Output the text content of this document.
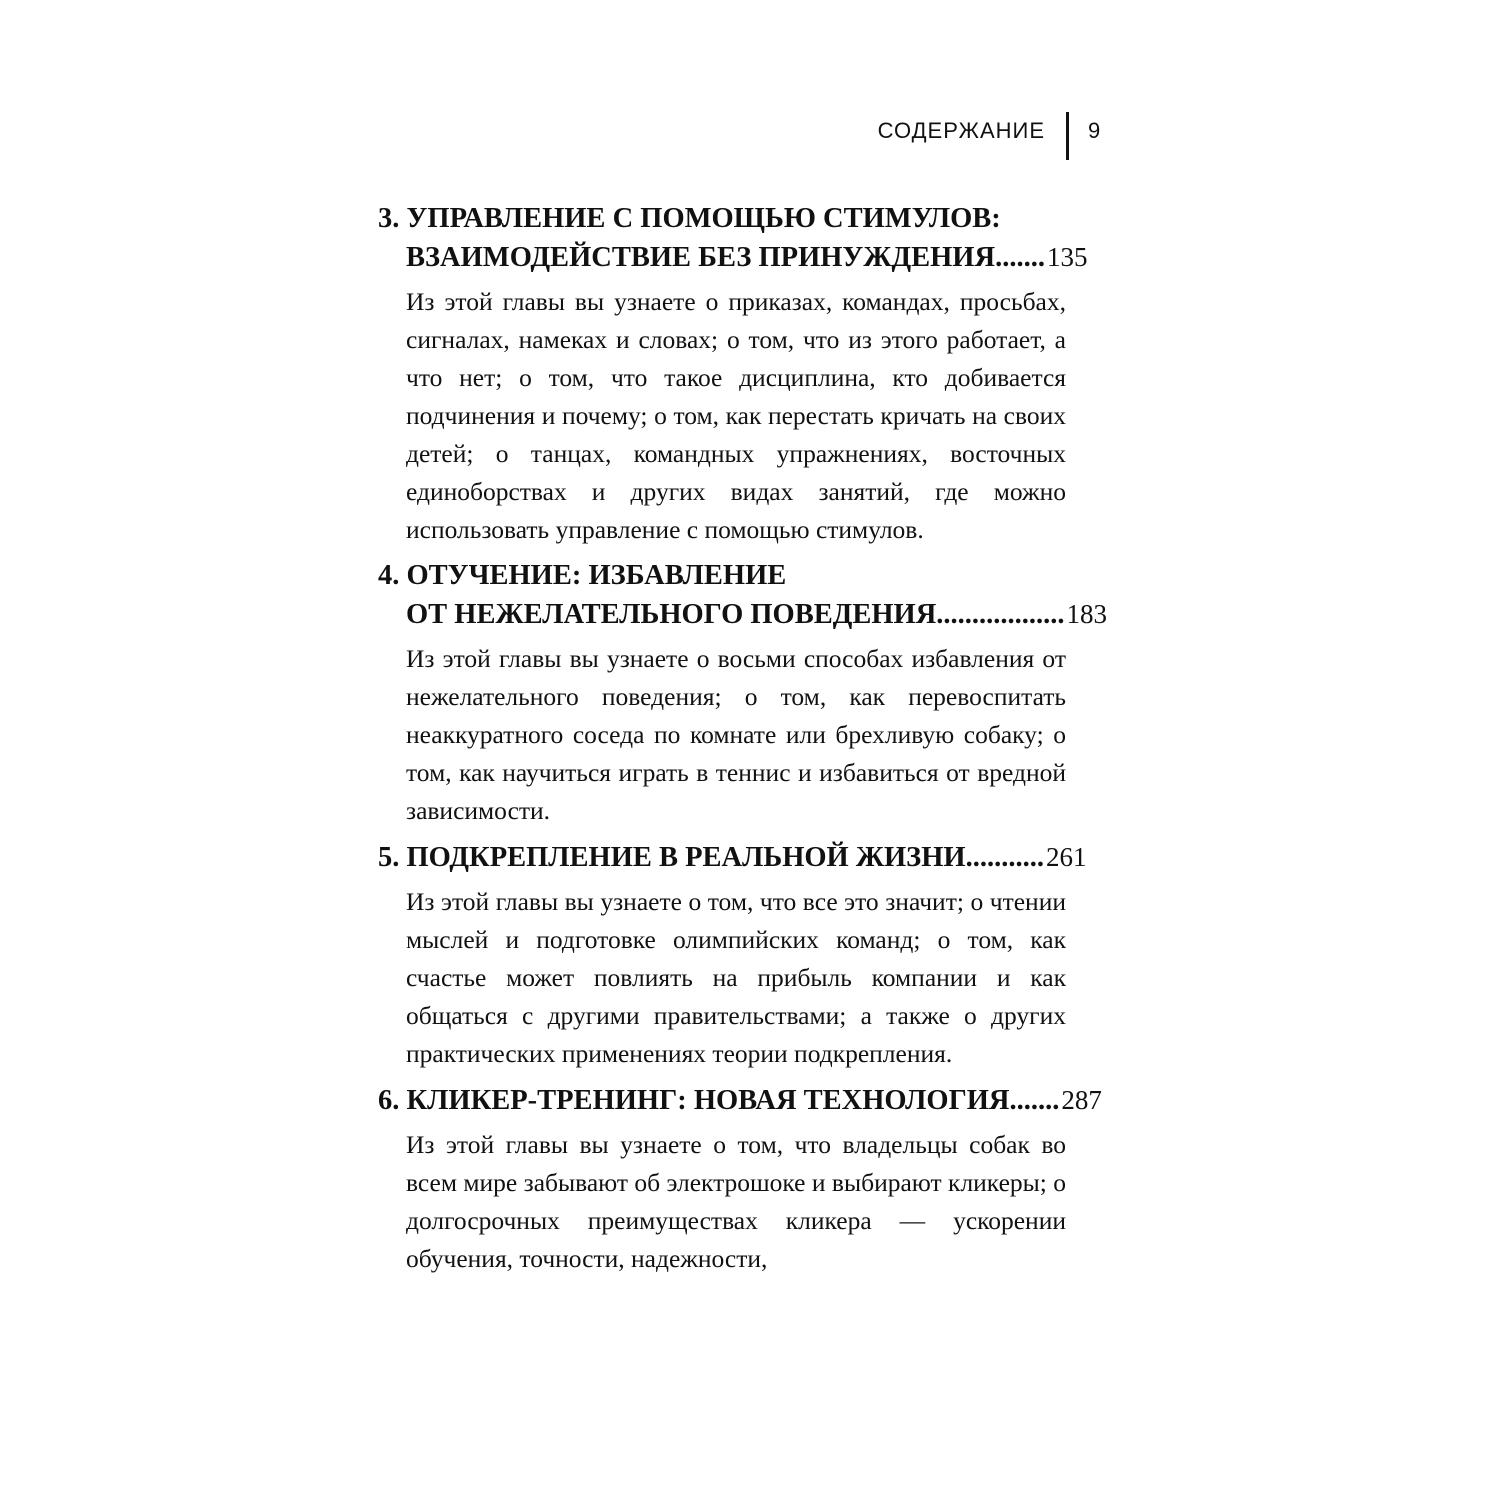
СОДЕРЖАНИЕ 9
3. УПРАВЛЕНИЕ С ПОМОЩЬЮ СТИМУЛОВ:
ВЗАИМОДЕЙСТВИЕ БЕЗ ПРИНУЖДЕНИЯ ....... 135
Из этой главы вы узнаете о приказах, командах, просьбах, сигналах, намеках и словах; о том, что из этого работает, а что нет; о том, что такое дисциплина, кто добивается подчинения и почему; о том, как перестать кричать на своих детей; о танцах, командных упражнениях, восточных единоборствах и других видах занятий, где можно использовать управление с помощью стимулов.
4. ОТУЧЕНИЕ: ИЗБАВЛЕНИЕ
ОТ НЕЖЕЛАТЕЛЬНОГО ПОВЕДЕНИЯ .................. 183
Из этой главы вы узнаете о восьми способах избавления от нежелательного поведения; о том, как перевоспитать неаккуратного соседа по комнате или брехливую собаку; о том, как научиться играть в теннис и избавиться от вредной зависимости.
5. ПОДКРЕПЛЕНИЕ В РЕАЛЬНОЙ ЖИЗНИ ........... 261
Из этой главы вы узнаете о том, что все это значит; о чтении мыслей и подготовке олимпийских команд; о том, как счастье может повлиять на прибыль компании и как общаться с другими правительствами; а также о других практических применениях теории подкрепления.
6. КЛИКЕР-ТРЕНИНГ: НОВАЯ ТЕХНОЛОГИЯ ....... 287
Из этой главы вы узнаете о том, что владельцы собак во всем мире забывают об электрошоке и выбирают кликеры; о долгосрочных преимуществах кликера — ускорении обучения, точности, надежности,
